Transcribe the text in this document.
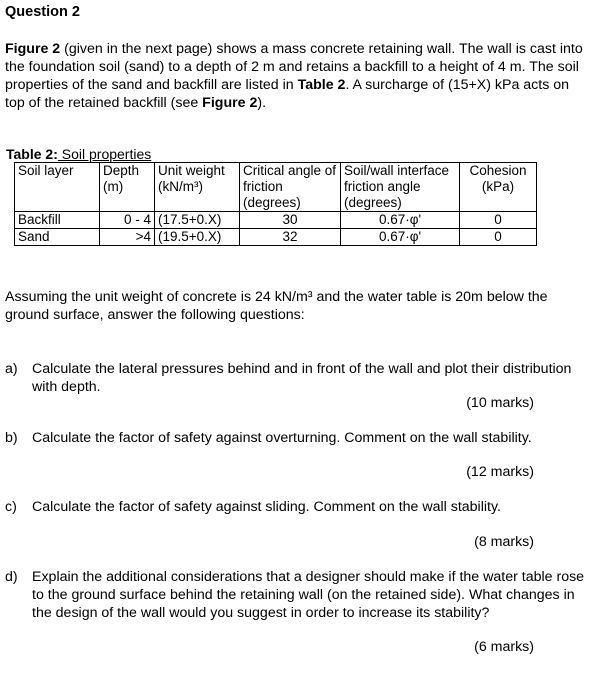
Question 2
Figure 2 (given in the next page) shows a mass concrete retaining wall. The wall is cast into the foundation soil (sand) to a depth of 2 m and retains a backfill to a height of 4 m. The soil properties of the sand and backfill are listed in Table 2. A surcharge of (15+X) kPa acts on top of the retained backfill (see Figure 2).
Table 2: Soil properties
Soil layer	Depth (m)	Unit weight (kN/m³)	Critical angle of friction (degrees)	Soil/wall interface friction angle (degrees)	Cohesion (kPa)
Backfill	0 - 4	(17.5+0.X)	30	0.67·φ'	0
Sand	>4	(19.5+0.X)	32	0.67·φ'	0
Assuming the unit weight of concrete is 24 kN/m³ and the water table is 20m below the ground surface, answer the following questions:
a) Calculate the lateral pressures behind and in front of the wall and plot their distribution with depth.
(10 marks)
b) Calculate the factor of safety against overturning. Comment on the wall stability.
(12 marks)
c) Calculate the factor of safety against sliding. Comment on the wall stability.
(8 marks)
d) Explain the additional considerations that a designer should make if the water table rose to the ground surface behind the retaining wall (on the retained side). What changes in the design of the wall would you suggest in order to increase its stability?
(6 marks)
